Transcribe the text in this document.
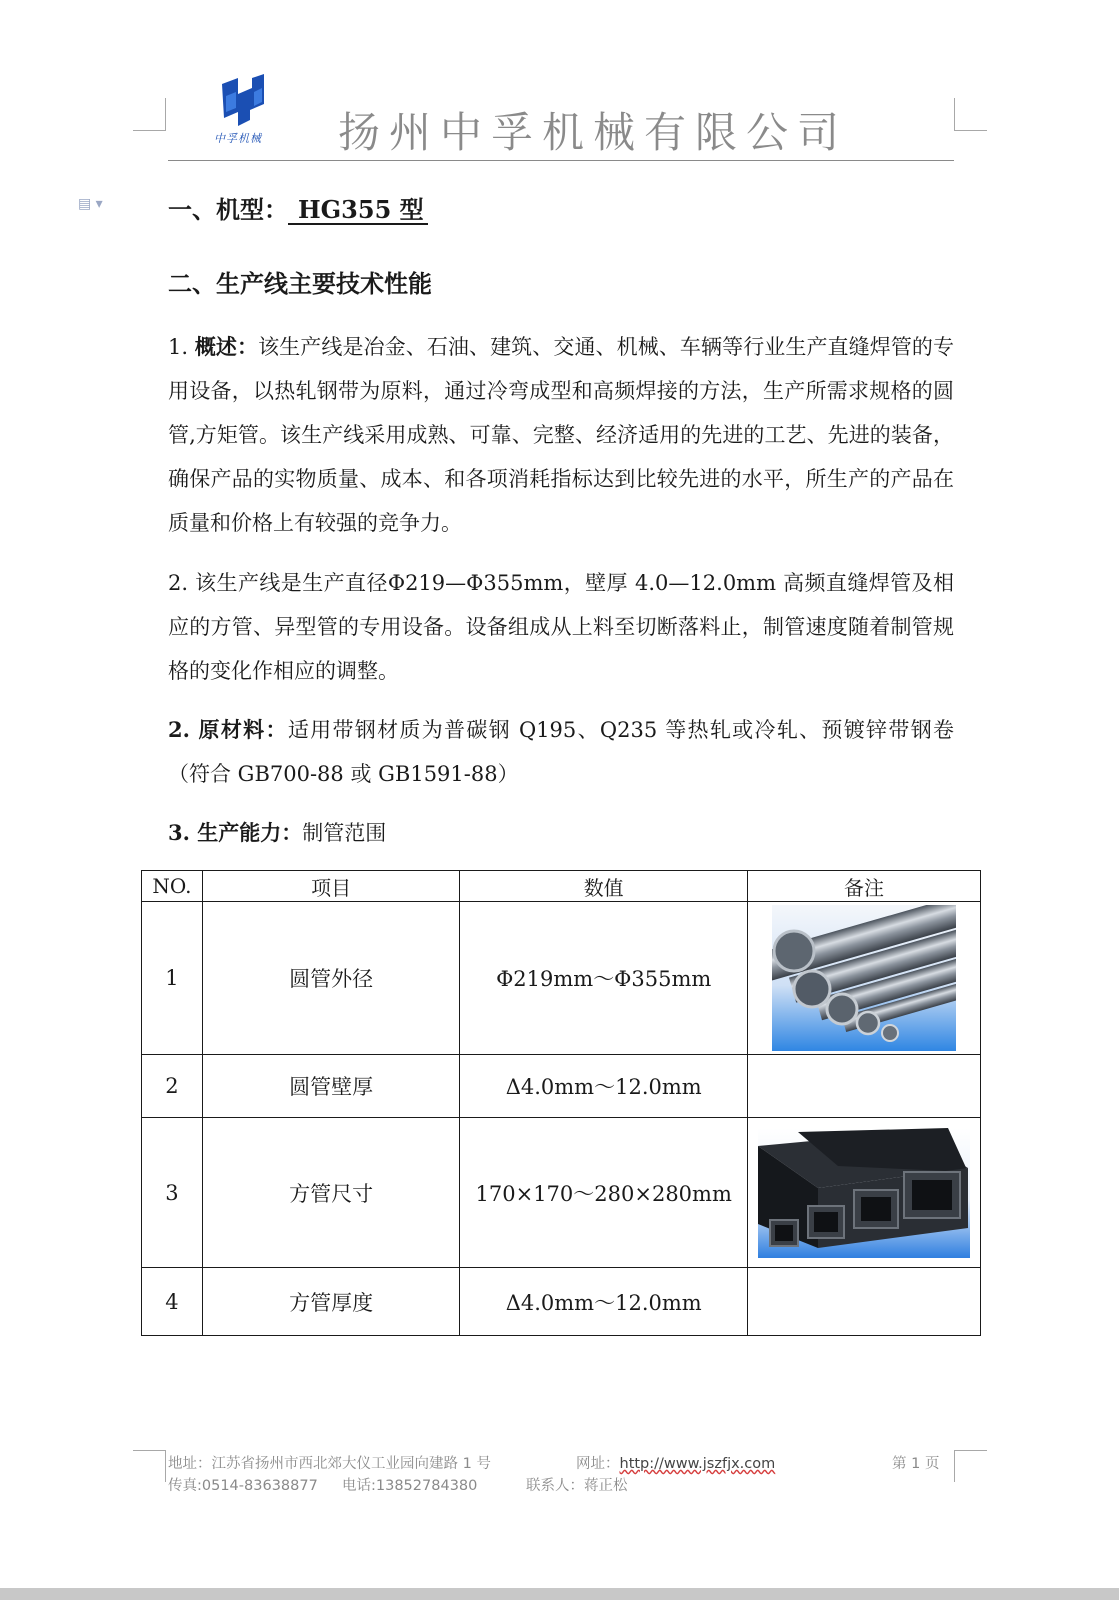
中孚机械 扬州中孚机械有限公司
▤ ▾	一、机型： HG355 型
二、生产线主要技术性能
1. 概述：该生产线是冶金、石油、建筑、交通、机械、车辆等行业生产直缝焊管的专用设备，以热轧钢带为原料，通过冷弯成型和高频焊接的方法，生产所需求规格的圆管,方矩管。该生产线采用成熟、可靠、完整、经济适用的先进的工艺、先进的装备，确保产品的实物质量、成本、和各项消耗指标达到比较先进的水平，所生产的产品在质量和价格上有较强的竞争力。
2. 该生产线是生产直径Φ219—Φ355mm，壁厚 4.0—12.0mm 高频直缝焊管及相应的方管、异型管的专用设备。设备组成从上料至切断落料止，制管速度随着制管规格的变化作相应的调整。
2. 原材料：适用带钢材质为普碳钢 Q195、Q235 等热轧或冷轧、预镀锌带钢卷（符合 GB700-88 或 GB1591-88）
3. 生产能力：制管范围
NO.	项目	数值	备注
1	圆管外径	Φ219mm～Φ355mm	

2	圆管壁厚	Δ4.0mm～12.0mm	
3	方管尺寸	170×170～280×280mm	

4	方管厚度	Δ4.0mm～12.0mm	
地址：江苏省扬州市西北郊大仪工业园向建路 1 号	网址：http://www.jszfjx.com	第 1 页
传真:0514-83638877 电话:13852784380	联系人：蒋正松
